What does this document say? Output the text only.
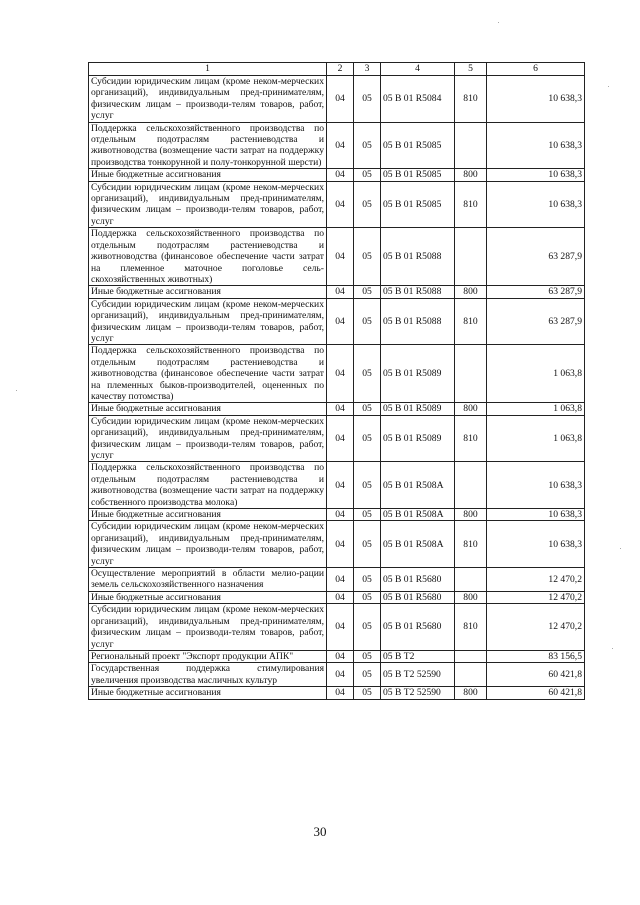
1	2	3	4	5	6
Субсидии юридическим лицам (кроме неком-мерческих организаций), индивидуальным пред-принимателям, физическим лицам – производи-телям товаров, работ, услуг	04	05	05 В 01 R5084	810	10 638,3
Поддержка сельскохозяйственного производства по отдельным подотраслям растениеводства и животноводства (возмещение части затрат на поддержку производства тонкорунной и полу-тонкорунной шерсти)	04	05	05 В 01 R5085		10 638,3
Иные бюджетные ассигнования	04	05	05 В 01 R5085	800	10 638,3
Субсидии юридическим лицам (кроме неком-мерческих организаций), индивидуальным пред-принимателям, физическим лицам – производи-телям товаров, работ, услуг	04	05	05 В 01 R5085	810	10 638,3
Поддержка сельскохозяйственного производства по отдельным подотраслям растениеводства и животноводства (финансовое обеспечение части затрат на племенное маточное поголовье сель-скохозяйственных животных)	04	05	05 В 01 R5088		63 287,9
Иные бюджетные ассигнования	04	05	05 В 01 R5088	800	63 287,9
Субсидии юридическим лицам (кроме неком-мерческих организаций), индивидуальным пред-принимателям, физическим лицам – производи-телям товаров, работ, услуг	04	05	05 В 01 R5088	810	63 287,9
Поддержка сельскохозяйственного производства по отдельным подотраслям растениеводства и животноводства (финансовое обеспечение части затрат на племенных быков-производителей, оцененных по качеству потомства)	04	05	05 В 01 R5089		1 063,8
Иные бюджетные ассигнования	04	05	05 В 01 R5089	800	1 063,8
Субсидии юридическим лицам (кроме неком-мерческих организаций), индивидуальным пред-принимателям, физическим лицам – производи-телям товаров, работ, услуг	04	05	05 В 01 R5089	810	1 063,8
Поддержка сельскохозяйственного производства по отдельным подотраслям растениеводства и животноводства (возмещение части затрат на поддержку собственного производства молока)	04	05	05 В 01 R508А		10 638,3
Иные бюджетные ассигнования	04	05	05 В 01 R508А	800	10 638,3
Субсидии юридическим лицам (кроме неком-мерческих организаций), индивидуальным пред-принимателям, физическим лицам – производи-телям товаров, работ, услуг	04	05	05 В 01 R508А	810	10 638,3
Осуществление мероприятий в области мелио-рации земель сельскохозяйственного назначения	04	05	05 В 01 R5680		12 470,2
Иные бюджетные ассигнования	04	05	05 В 01 R5680	800	12 470,2
Субсидии юридическим лицам (кроме неком-мерческих организаций), индивидуальным пред-принимателям, физическим лицам – производи-телям товаров, работ, услуг	04	05	05 В 01 R5680	810	12 470,2
Региональный проект "Экспорт продукции АПК"	04	05	05 В Т2		83 156,5
Государственная поддержка стимулирования увеличения производства масличных культур	04	05	05 В Т2 52590		60 421,8
Иные бюджетные ассигнования	04	05	05 В Т2 52590	800	60 421,8
30
